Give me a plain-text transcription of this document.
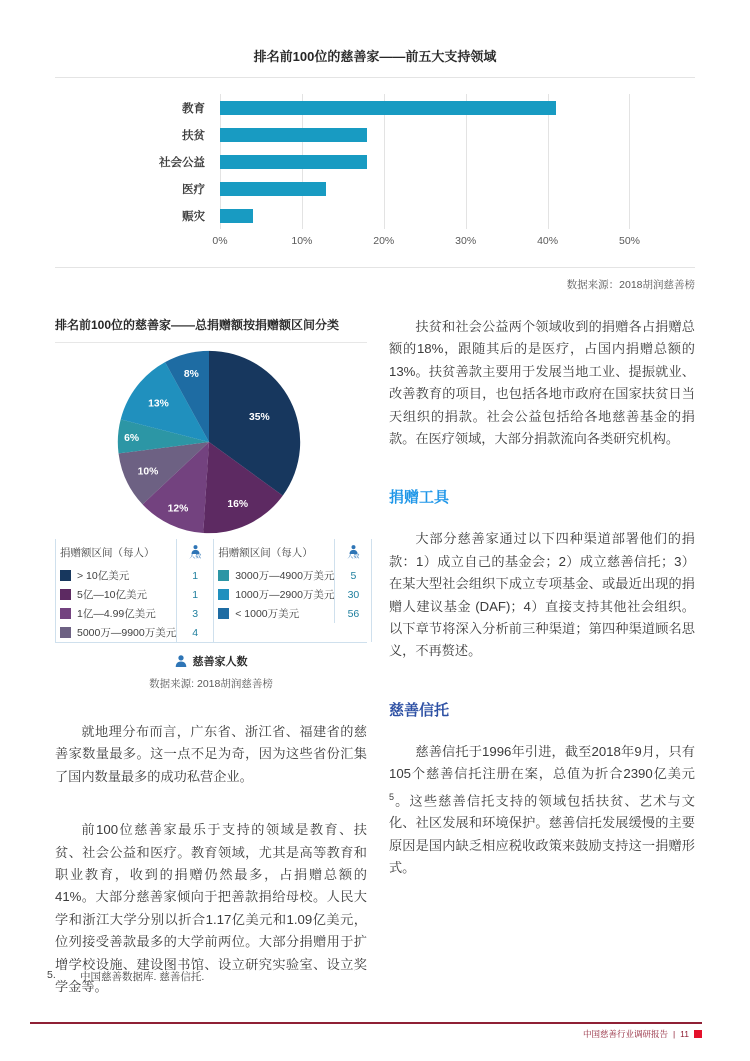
排名前100位的慈善家——前五大支持领域
教育
扶贫
社会公益
医疗
赈灾
0%	10%	20%	30%	40%	50%
数据来源：2018胡润慈善榜
排名前100位的慈善家——总捐赠额按捐赠额区间分类
35%
16%
12%
10%
6%
13%
8%
捐赠额区间（每人）	人数
> 10亿美元	1
5亿—10亿美元	1
1亿—4.99亿美元	3
5000万—9900万美元	4
捐赠额区间（每人）	人数
3000万—4900万美元	5
1000万—2900万美元	30
< 1000万美元	56
慈善家人数
数据来源: 2018胡润慈善榜

就地理分布而言，广东省、浙江省、福建省的慈善家数量最多。这一点不足为奇，因为这些省份汇集了国内数量最多的成功私营企业。

前100位慈善家最乐于支持的领域是教育、扶贫、社会公益和医疗。教育领域，尤其是高等教育和职业教育，收到的捐赠仍然最多，占捐赠总额的41%。大部分慈善家倾向于把善款捐给母校。人民大学和浙江大学分别以折合1.17亿美元和1.09亿美元，位列接受善款最多的大学前两位。大部分捐赠用于扩增学校设施、建设图书馆、设立研究实验室、设立奖学金等。

扶贫和社会公益两个领域收到的捐赠各占捐赠总额的18%，跟随其后的是医疗，占国内捐赠总额的13%。扶贫善款主要用于发展当地工业、提振就业、改善教育的项目，也包括各地市政府在国家扶贫日当天组织的捐款。社会公益包括给各地慈善基金的捐款。在医疗领域，大部分捐款流向各类研究机构。

捐赠工具

大部分慈善家通过以下四种渠道部署他们的捐款：1）成立自己的基金会；2）成立慈善信托；3）在某大型社会组织下成立专项基金、或最近出现的捐赠人建议基金 (DAF)；4）直接支持其他社会组织。以下章节将深入分析前三种渠道；第四种渠道顾名思义，不再赘述。

慈善信托

慈善信托于1996年引进，截至2018年9月，只有105个慈善信托注册在案，总值为折合2390亿美元$^5$。这些慈善信托支持的领域包括扶贫、艺术与文化、社区发展和环境保护。慈善信托发展缓慢的主要原因是国内缺乏相应税收政策来鼓励支持这一捐赠形式。

5.	中国慈善数据库. 慈善信托.
中国慈善行业调研报告 | 11
